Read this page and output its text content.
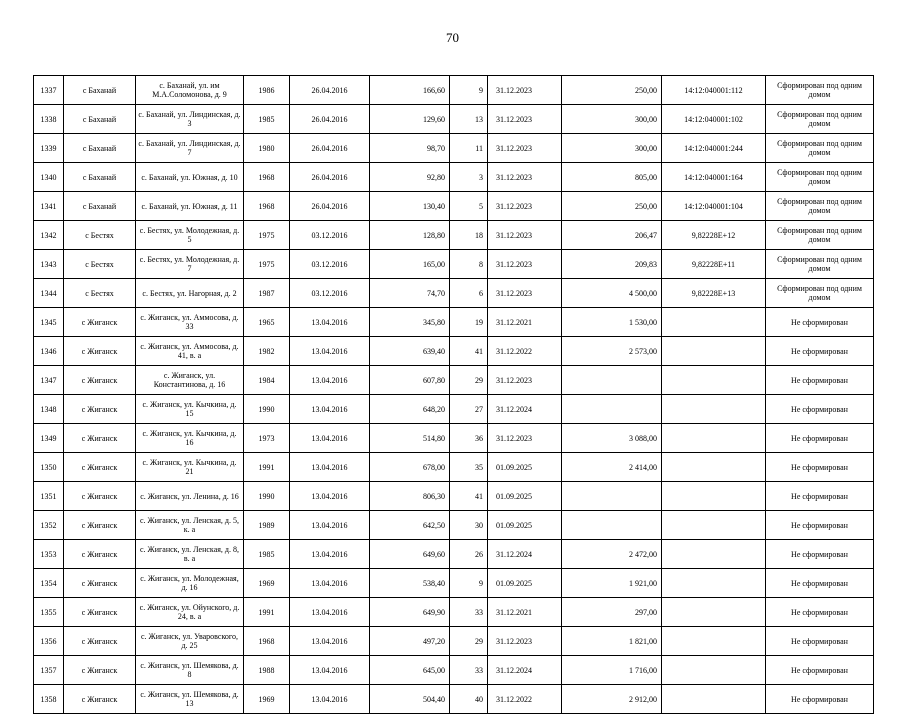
70
1337	с Баханай	с. Баханай, ул. им М.А.Соломонова, д. 9	1986	26.04.2016	166,60	9	31.12.2023	250,00	14:12:040001:112	Сформирован под одним домом
1338	с Баханай	с. Баханай, ул. Линдинская, д. 3	1985	26.04.2016	129,60	13	31.12.2023	300,00	14:12:040001:102	Сформирован под одним домом
1339	с Баханай	с. Баханай, ул. Линдинская, д. 7	1980	26.04.2016	98,70	11	31.12.2023	300,00	14:12:040001:244	Сформирован под одним домом
1340	с Баханай	с. Баханай, ул. Южная, д. 10	1968	26.04.2016	92,80	3	31.12.2023	805,00	14:12:040001:164	Сформирован под одним домом
1341	с Баханай	с. Баханай, ул. Южная, д. 11	1968	26.04.2016	130,40	5	31.12.2023	250,00	14:12:040001:104	Сформирован под одним домом
1342	с Бестях	с. Бестях, ул. Молодежная, д. 5	1975	03.12.2016	128,80	18	31.12.2023	206,47	9,82228E+12	Сформирован под одним домом
1343	с Бестях	с. Бестях, ул. Молодежная, д. 7	1975	03.12.2016	165,00	8	31.12.2023	209,83	9,82228E+11	Сформирован под одним домом
1344	с Бестях	с. Бестях, ул. Нагорная, д. 2	1987	03.12.2016	74,70	6	31.12.2023	4 500,00	9,82228E+13	Сформирован под одним домом
1345	с Жиганск	с. Жиганск, ул. Аммосова, д. 33	1965	13.04.2016	345,80	19	31.12.2021	1 530,00		Не сформирован
1346	с Жиганск	с. Жиганск, ул. Аммосова, д. 41, в. а	1982	13.04.2016	639,40	41	31.12.2022	2 573,00		Не сформирован
1347	с Жиганск	с. Жиганск, ул. Константинова, д. 16	1984	13.04.2016	607,80	29	31.12.2023			Не сформирован
1348	с Жиганск	с. Жиганск, ул. Кычкина, д. 15	1990	13.04.2016	648,20	27	31.12.2024			Не сформирован
1349	с Жиганск	с. Жиганск, ул. Кычкина, д. 16	1973	13.04.2016	514,80	36	31.12.2023	3 088,00		Не сформирован
1350	с Жиганск	с. Жиганск, ул. Кычкина, д. 21	1991	13.04.2016	678,00	35	01.09.2025	2 414,00		Не сформирован
1351	с Жиганск	с. Жиганск, ул. Ленина, д. 16	1990	13.04.2016	806,30	41	01.09.2025			Не сформирован
1352	с Жиганск	с. Жиганск, ул. Ленская, д. 5, к. а	1989	13.04.2016	642,50	30	01.09.2025			Не сформирован
1353	с Жиганск	с. Жиганск, ул. Ленская, д. 8, в. а	1985	13.04.2016	649,60	26	31.12.2024	2 472,00		Не сформирован
1354	с Жиганск	с. Жиганск, ул. Молодежная, д. 16	1969	13.04.2016	538,40	9	01.09.2025	1 921,00		Не сформирован
1355	с Жиганск	с. Жиганск, ул. Ойунского, д. 24, в. а	1991	13.04.2016	649,90	33	31.12.2021	297,00		Не сформирован
1356	с Жиганск	с. Жиганск, ул. Уваровского, д. 25	1968	13.04.2016	497,20	29	31.12.2023	1 821,00		Не сформирован
1357	с Жиганск	с. Жиганск, ул. Шемякова, д. 8	1988	13.04.2016	645,00	33	31.12.2024	1 716,00		Не сформирован
1358	с Жиганск	с. Жиганск, ул. Шемякова, д. 13	1969	13.04.2016	504,40	40	31.12.2022	2 912,00		Не сформирован
